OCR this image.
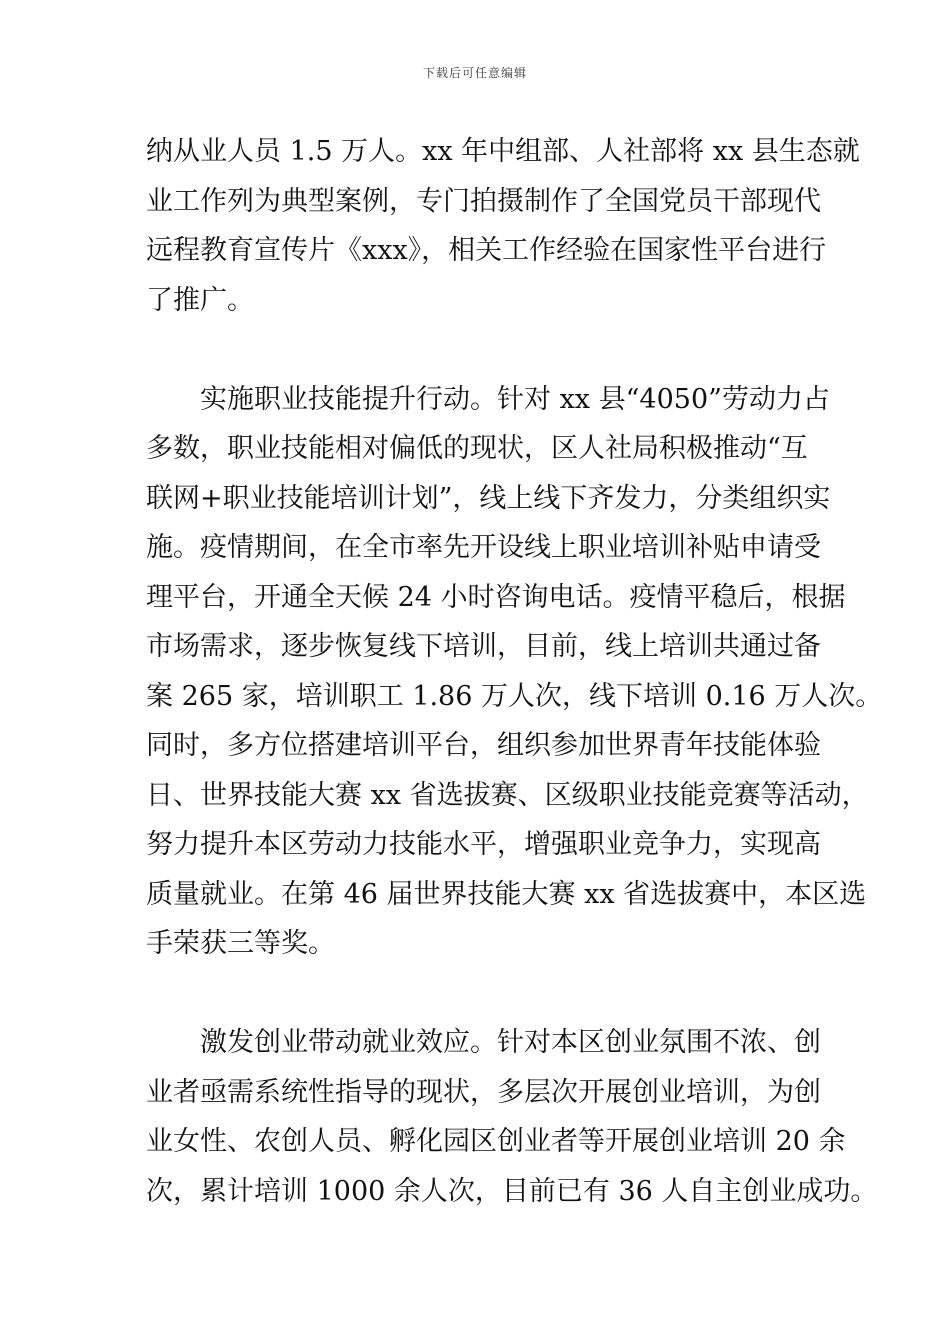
下载后可任意编辑
纳从业人员 1.5 万人。xx 年中组部、人社部将 xx 县生态就
业工作列为典型案例，专门拍摄制作了全国党员干部现代
远程教育宣传片《xxx》，相关工作经验在国家性平台进行
了推广。
实施职业技能提升行动。针对 xx 县“4050”劳动力占
多数，职业技能相对偏低的现状，区人社局积极推动“互
联网+职业技能培训计划”，线上线下齐发力，分类组织实
施。疫情期间，在全市率先开设线上职业培训补贴申请受
理平台，开通全天候 24 小时咨询电话。疫情平稳后，根据
市场需求，逐步恢复线下培训，目前，线上培训共通过备
案 265 家，培训职工 1.86 万人次，线下培训 0.16 万人次。
同时，多方位搭建培训平台，组织参加世界青年技能体验
日、世界技能大赛 xx 省选拔赛、区级职业技能竞赛等活动，
努力提升本区劳动力技能水平，增强职业竞争力，实现高
质量就业。在第 46 届世界技能大赛 xx 省选拔赛中，本区选
手荣获三等奖。
激发创业带动就业效应。针对本区创业氛围不浓、创
业者亟需系统性指导的现状，多层次开展创业培训，为创
业女性、农创人员、孵化园区创业者等开展创业培训 20 余
次，累计培训 1000 余人次，目前已有 36 人自主创业成功。
